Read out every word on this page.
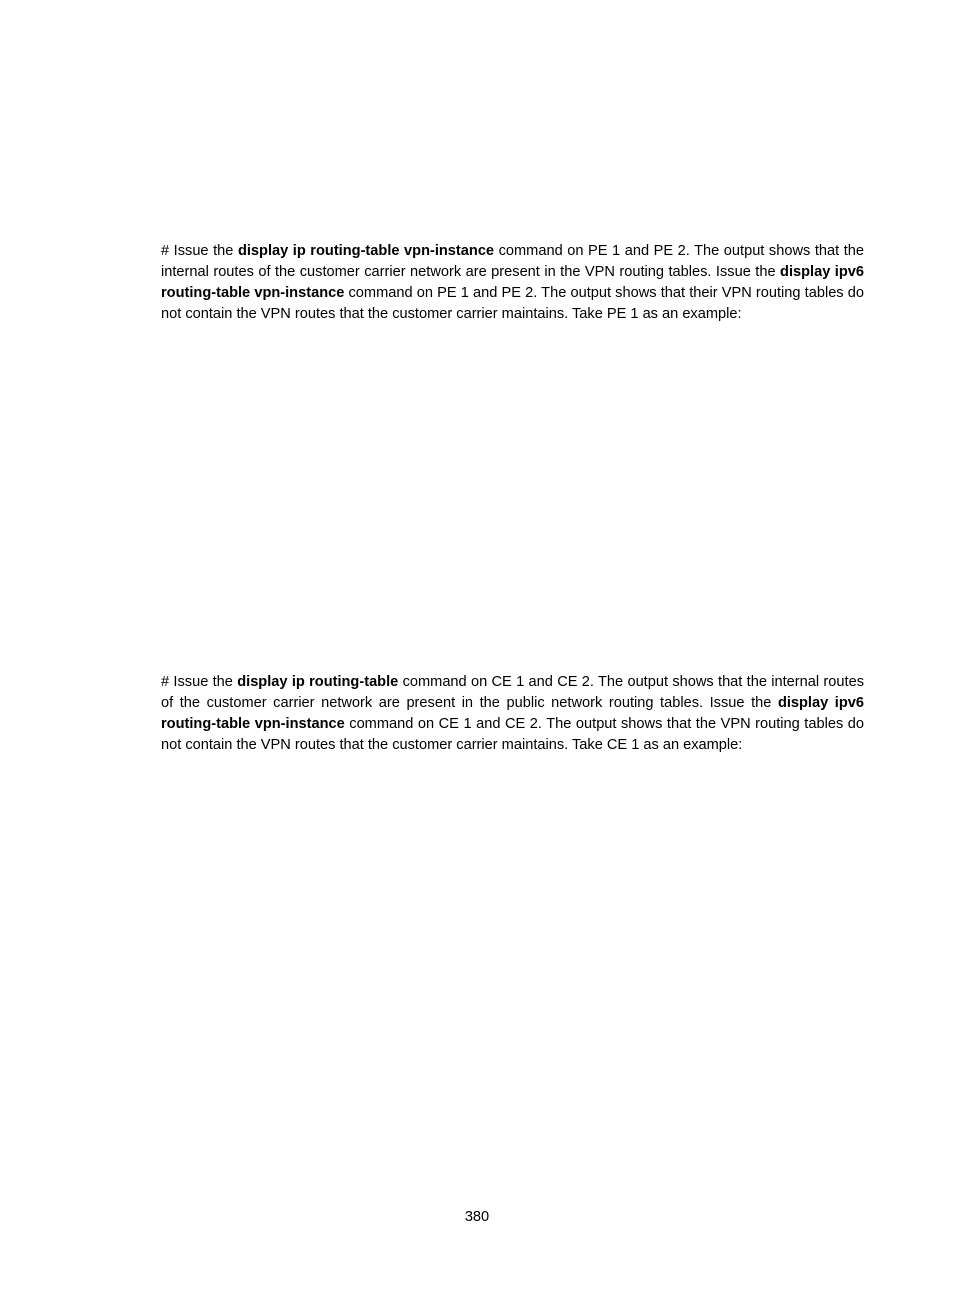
# Issue the display ip routing-table vpn-instance command on PE 1 and PE 2. The output shows that the internal routes of the customer carrier network are present in the VPN routing tables. Issue the display ipv6 routing-table vpn-instance command on PE 1 and PE 2. The output shows that their VPN routing tables do not contain the VPN routes that the customer carrier maintains. Take PE 1 as an example:

# Issue the display ip routing-table command on CE 1 and CE 2. The output shows that the internal routes of the customer carrier network are present in the public network routing tables. Issue the display ipv6 routing-table vpn-instance command on CE 1 and CE 2. The output shows that the VPN routing tables do not contain the VPN routes that the customer carrier maintains. Take CE 1 as an example:

380
